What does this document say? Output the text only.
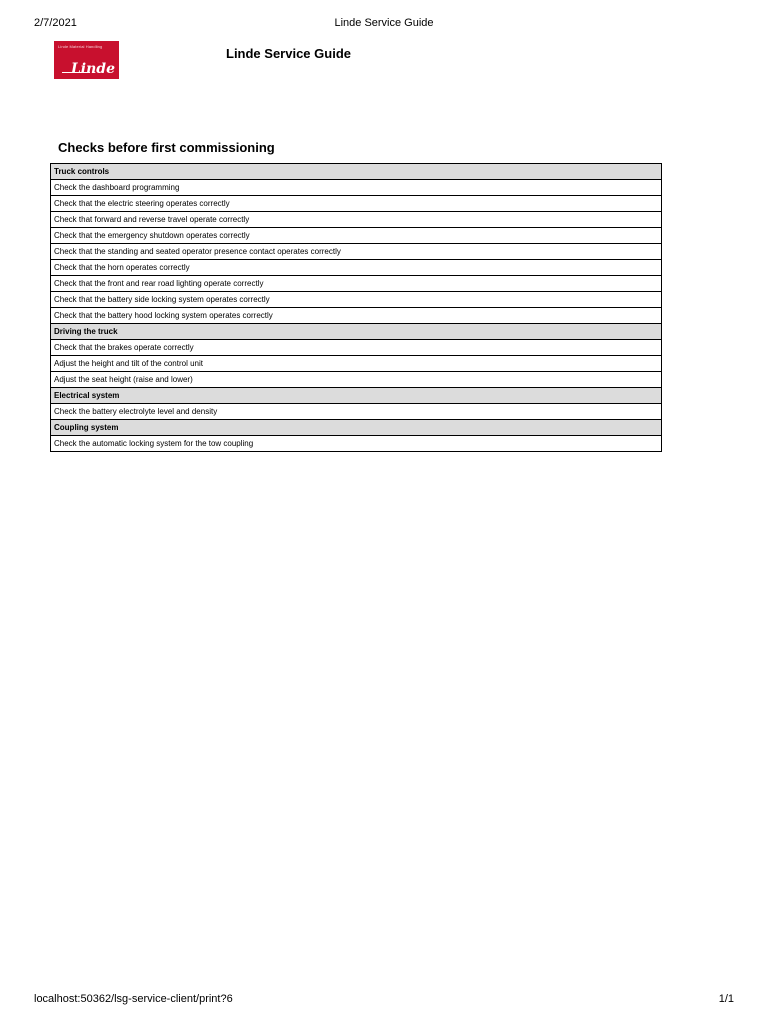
2/7/2021	Linde Service Guide
Linde Material Handling
Linde
Linde Service Guide
Checks before first commissioning
Truck controls
Check the dashboard programming
Check that the electric steering operates correctly
Check that forward and reverse travel operate correctly
Check that the emergency shutdown operates correctly
Check that the standing and seated operator presence contact operates correctly
Check that the horn operates correctly
Check that the front and rear road lighting operate correctly
Check that the battery side locking system operates correctly
Check that the battery hood locking system operates correctly
Driving the truck
Check that the brakes operate correctly
Adjust the height and tilt of the control unit
Adjust the seat height (raise and lower)
Electrical system
Check the battery electrolyte level and density
Coupling system
Check the automatic locking system for the tow coupling
localhost:50362/lsg-service-client/print?6	1/1
